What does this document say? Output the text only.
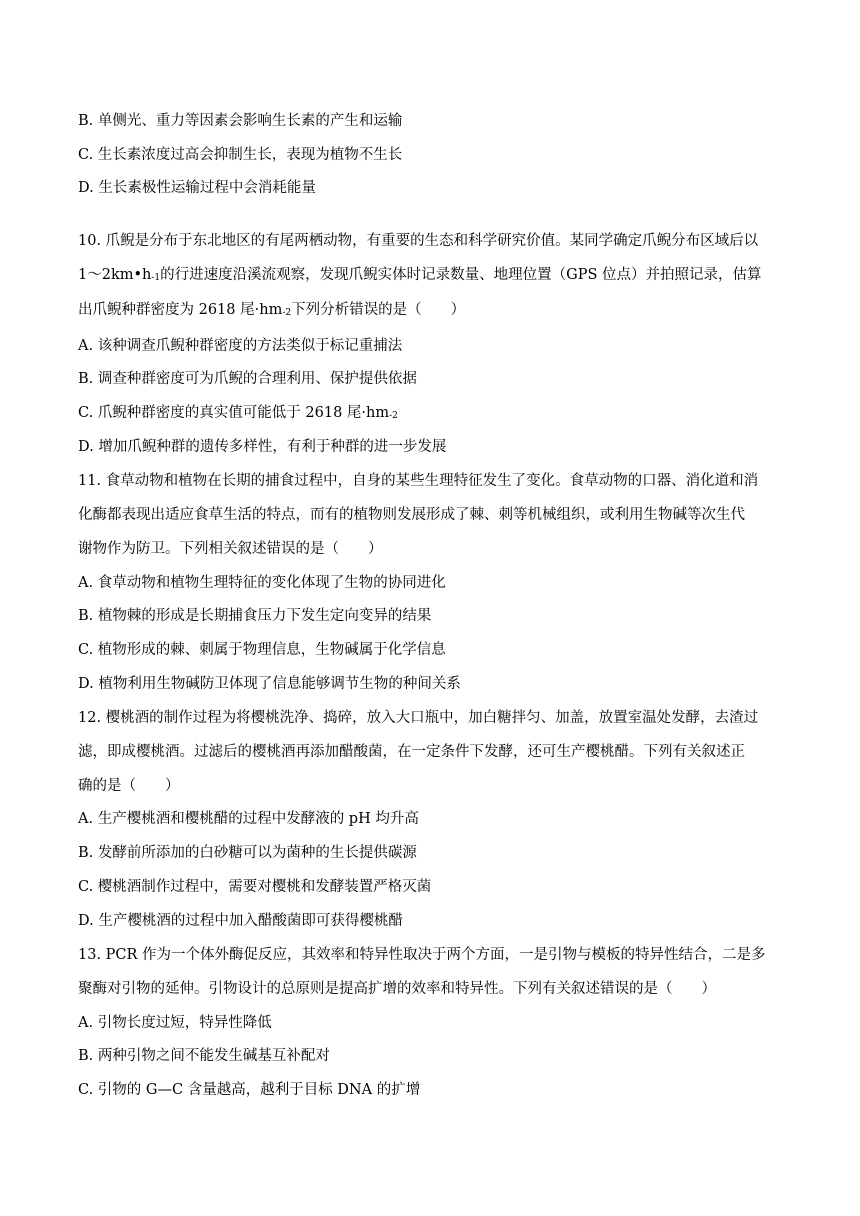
B. 单侧光、重力等因素会影响生长素的产生和运输
C. 生长素浓度过高会抑制生长，表现为植物不生长
D. 生长素极性运输过程中会消耗能量
10. 爪鲵是分布于东北地区的有尾两栖动物，有重要的生态和科学研究价值。某同学确定爪鲵分布区域后以
$1\sim 2km•h_{-1}$的行进速度沿溪流观察，发现爪鲵实体时记录数量、地理位置（GPS 位点）并拍照记录，估算
出爪鲵种群密度为 2618 尾$\cdot hm_{-2}$下列分析错误的是（　　）
A. 该种调查爪鲵种群密度的方法类似于标记重捕法
B. 调查种群密度可为爪鲵的合理利用、保护提供依据
C. 爪鲵种群密度的真实值可能低于 2618 尾$\cdot hm_{-2}$
D. 增加爪鲵种群的遗传多样性，有利于种群的进一步发展
11. 食草动物和植物在长期的捕食过程中，自身的某些生理特征发生了变化。食草动物的口器、消化道和消
化酶都表现出适应食草生活的特点，而有的植物则发展形成了棘、刺等机械组织，或利用生物碱等次生代
谢物作为防卫。下列相关叙述错误的是（　　）
A. 食草动物和植物生理特征的变化体现了生物的协同进化
B. 植物棘的形成是长期捕食压力下发生定向变异的结果
C. 植物形成的棘、刺属于物理信息，生物碱属于化学信息
D. 植物利用生物碱防卫体现了信息能够调节生物的种间关系
12. 樱桃酒的制作过程为将樱桃洗净、捣碎，放入大口瓶中，加白糖拌匀、加盖，放置室温处发酵，去渣过
滤，即成樱桃酒。过滤后的樱桃酒再添加醋酸菌，在一定条件下发酵，还可生产樱桃醋。下列有关叙述正
确的是（　　）
A. 生产樱桃酒和樱桃醋的过程中发酵液的 pH 均升高
B. 发酵前所添加的白砂糖可以为菌种的生长提供碳源
C. 樱桃酒制作过程中，需要对樱桃和发酵装置严格灭菌
D. 生产樱桃酒的过程中加入醋酸菌即可获得樱桃醋
13. PCR 作为一个体外酶促反应，其效率和特异性取决于两个方面，一是引物与模板的特异性结合，二是多
聚酶对引物的延伸。引物设计的总原则是提高扩增的效率和特异性。下列有关叙述错误的是（　　）
A. 引物长度过短，特异性降低
B. 两种引物之间不能发生碱基互补配对
C. 引物的 G—C 含量越高，越利于目标 DNA 的扩增
